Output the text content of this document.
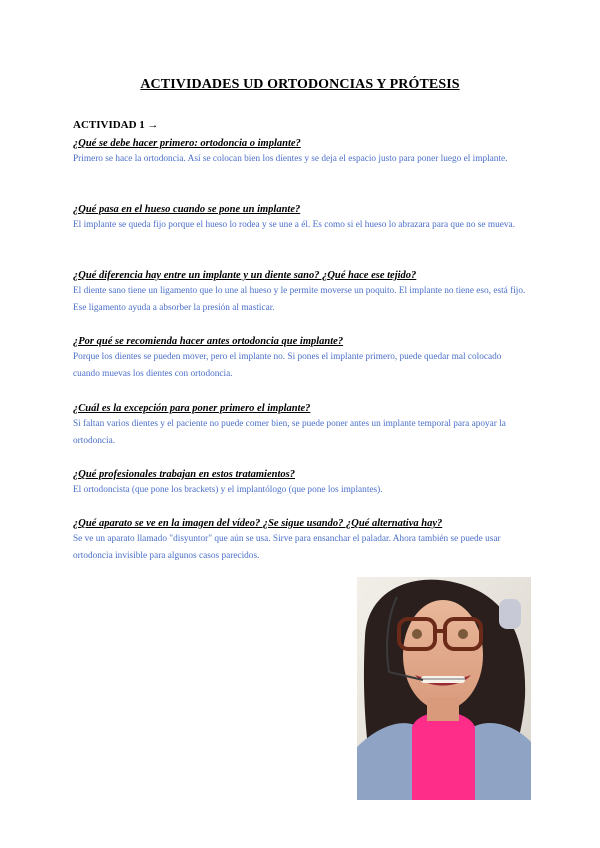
ACTIVIDADES UD ORTODONCIAS Y PRÓTESIS
ACTIVIDAD 1 →
¿Qué se debe hacer primero: ortodoncia o implante?
Primero se hace la ortodoncia. Así se colocan bien los dientes y se deja el espacio justo para poner luego el implante.
¿Qué pasa en el hueso cuando se pone un implante?
El implante se queda fijo porque el hueso lo rodea y se une a él. Es como si el hueso lo abrazara para que no se mueva.
¿Qué diferencia hay entre un implante y un diente sano? ¿Qué hace ese tejido?
El diente sano tiene un ligamento que lo une al hueso y le permite moverse un poquito. El implante no tiene eso, está fijo. Ese ligamento ayuda a absorber la presión al masticar.
¿Por qué se recomienda hacer antes ortodoncia que implante?
Porque los dientes se pueden mover, pero el implante no. Si pones el implante primero, puede quedar mal colocado cuando muevas los dientes con ortodoncia.
¿Cuál es la excepción para poner primero el implante?
Si faltan varios dientes y el paciente no puede comer bien, se puede poner antes un implante temporal para apoyar la ortodoncia.
¿Qué profesionales trabajan en estos tratamientos?
El ortodoncista (que pone los brackets) y el implantólogo (que pone los implantes).
¿Qué aparato se ve en la imagen del vídeo? ¿Se sigue usando? ¿Qué alternativa hay?
Se ve un aparato llamado "disyuntor" que aún se usa. Sirve para ensanchar el paladar. Ahora también se puede usar ortodoncia invisible para algunos casos parecidos.
